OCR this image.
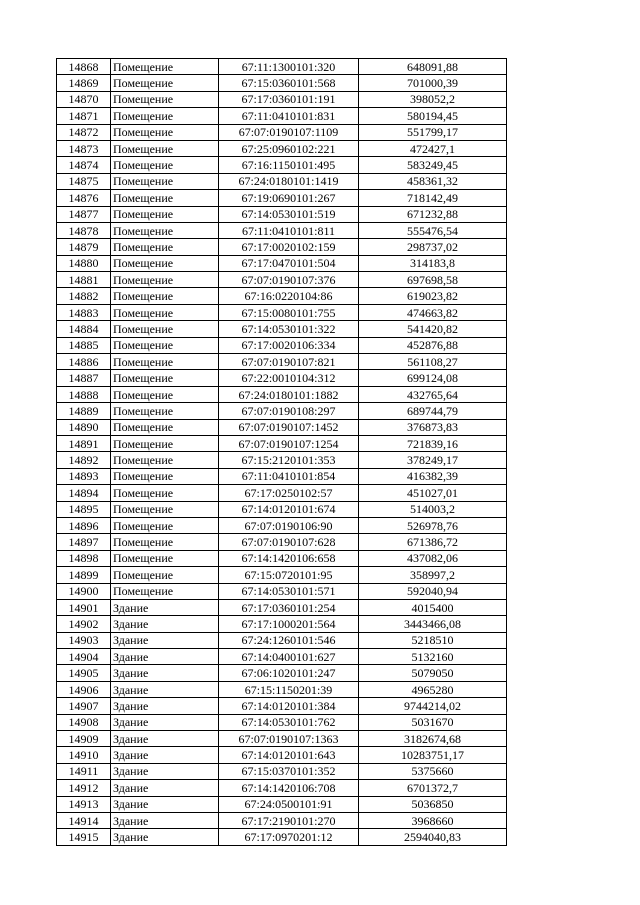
14868	Помещение	67:11:1300101:320	648091,88
14869	Помещение	67:15:0360101:568	701000,39
14870	Помещение	67:17:0360101:191	398052,2
14871	Помещение	67:11:0410101:831	580194,45
14872	Помещение	67:07:0190107:1109	551799,17
14873	Помещение	67:25:0960102:221	472427,1
14874	Помещение	67:16:1150101:495	583249,45
14875	Помещение	67:24:0180101:1419	458361,32
14876	Помещение	67:19:0690101:267	718142,49
14877	Помещение	67:14:0530101:519	671232,88
14878	Помещение	67:11:0410101:811	555476,54
14879	Помещение	67:17:0020102:159	298737,02
14880	Помещение	67:17:0470101:504	314183,8
14881	Помещение	67:07:0190107:376	697698,58
14882	Помещение	67:16:0220104:86	619023,82
14883	Помещение	67:15:0080101:755	474663,82
14884	Помещение	67:14:0530101:322	541420,82
14885	Помещение	67:17:0020106:334	452876,88
14886	Помещение	67:07:0190107:821	561108,27
14887	Помещение	67:22:0010104:312	699124,08
14888	Помещение	67:24:0180101:1882	432765,64
14889	Помещение	67:07:0190108:297	689744,79
14890	Помещение	67:07:0190107:1452	376873,83
14891	Помещение	67:07:0190107:1254	721839,16
14892	Помещение	67:15:2120101:353	378249,17
14893	Помещение	67:11:0410101:854	416382,39
14894	Помещение	67:17:0250102:57	451027,01
14895	Помещение	67:14:0120101:674	514003,2
14896	Помещение	67:07:0190106:90	526978,76
14897	Помещение	67:07:0190107:628	671386,72
14898	Помещение	67:14:1420106:658	437082,06
14899	Помещение	67:15:0720101:95	358997,2
14900	Помещение	67:14:0530101:571	592040,94
14901	Здание	67:17:0360101:254	4015400
14902	Здание	67:17:1000201:564	3443466,08
14903	Здание	67:24:1260101:546	5218510
14904	Здание	67:14:0400101:627	5132160
14905	Здание	67:06:1020101:247	5079050
14906	Здание	67:15:1150201:39	4965280
14907	Здание	67:14:0120101:384	9744214,02
14908	Здание	67:14:0530101:762	5031670
14909	Здание	67:07:0190107:1363	3182674,68
14910	Здание	67:14:0120101:643	10283751,17
14911	Здание	67:15:0370101:352	5375660
14912	Здание	67:14:1420106:708	6701372,7
14913	Здание	67:24:0500101:91	5036850
14914	Здание	67:17:2190101:270	3968660
14915	Здание	67:17:0970201:12	2594040,83
